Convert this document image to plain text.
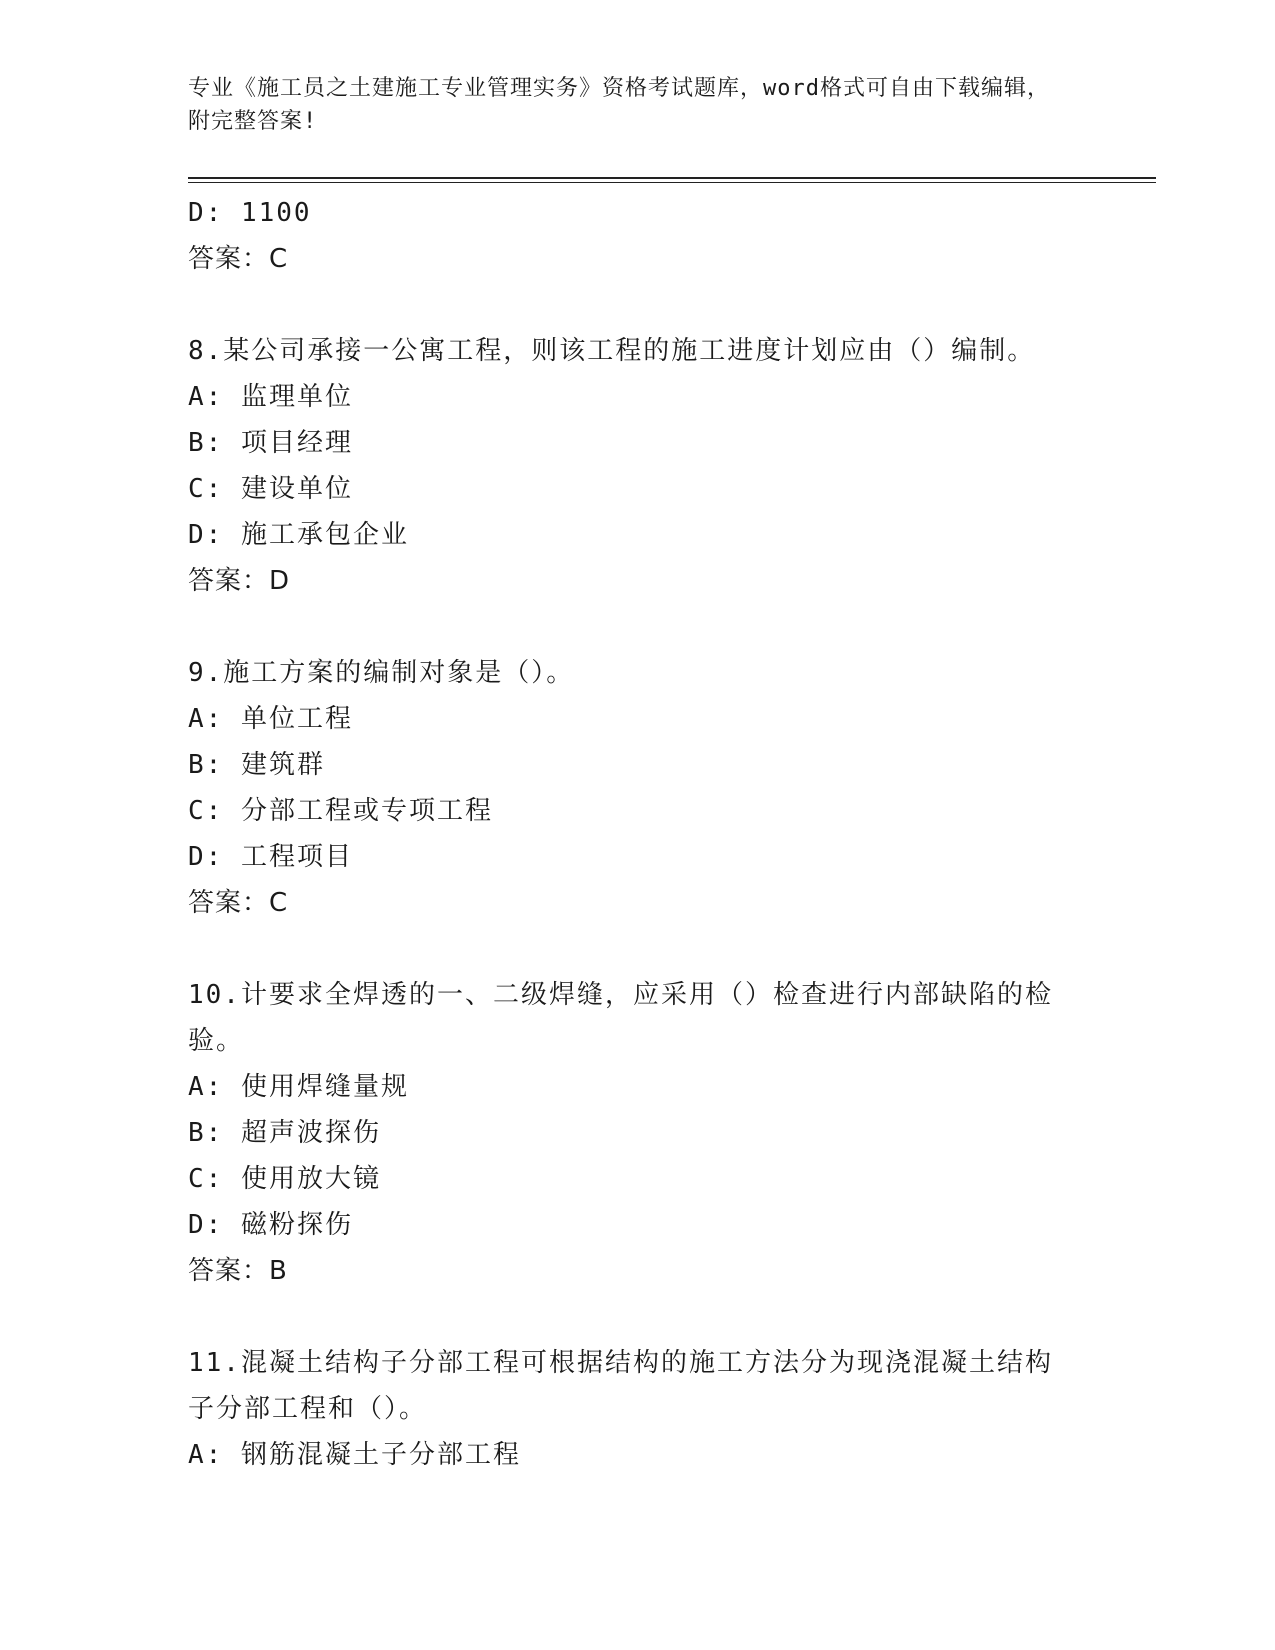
专业《施工员之土建施工专业管理实务》资格考试题库，word格式可自由下载编辑，附完整答案!
D: 1100
答案：C
8.某公司承接一公寓工程，则该工程的施工进度计划应由（）编制。
A: 监理单位
B: 项目经理
C: 建设单位
D: 施工承包企业
答案：D
9.施工方案的编制对象是（）。
A: 单位工程
B: 建筑群
C: 分部工程或专项工程
D: 工程项目
答案：C
10.计要求全焊透的一、二级焊缝，应采用（）检查进行内部缺陷的检
验。
A: 使用焊缝量规
B: 超声波探伤
C: 使用放大镜
D: 磁粉探伤
答案：B
11.混凝土结构子分部工程可根据结构的施工方法分为现浇混凝土结构
子分部工程和（）。
A: 钢筋混凝土子分部工程
